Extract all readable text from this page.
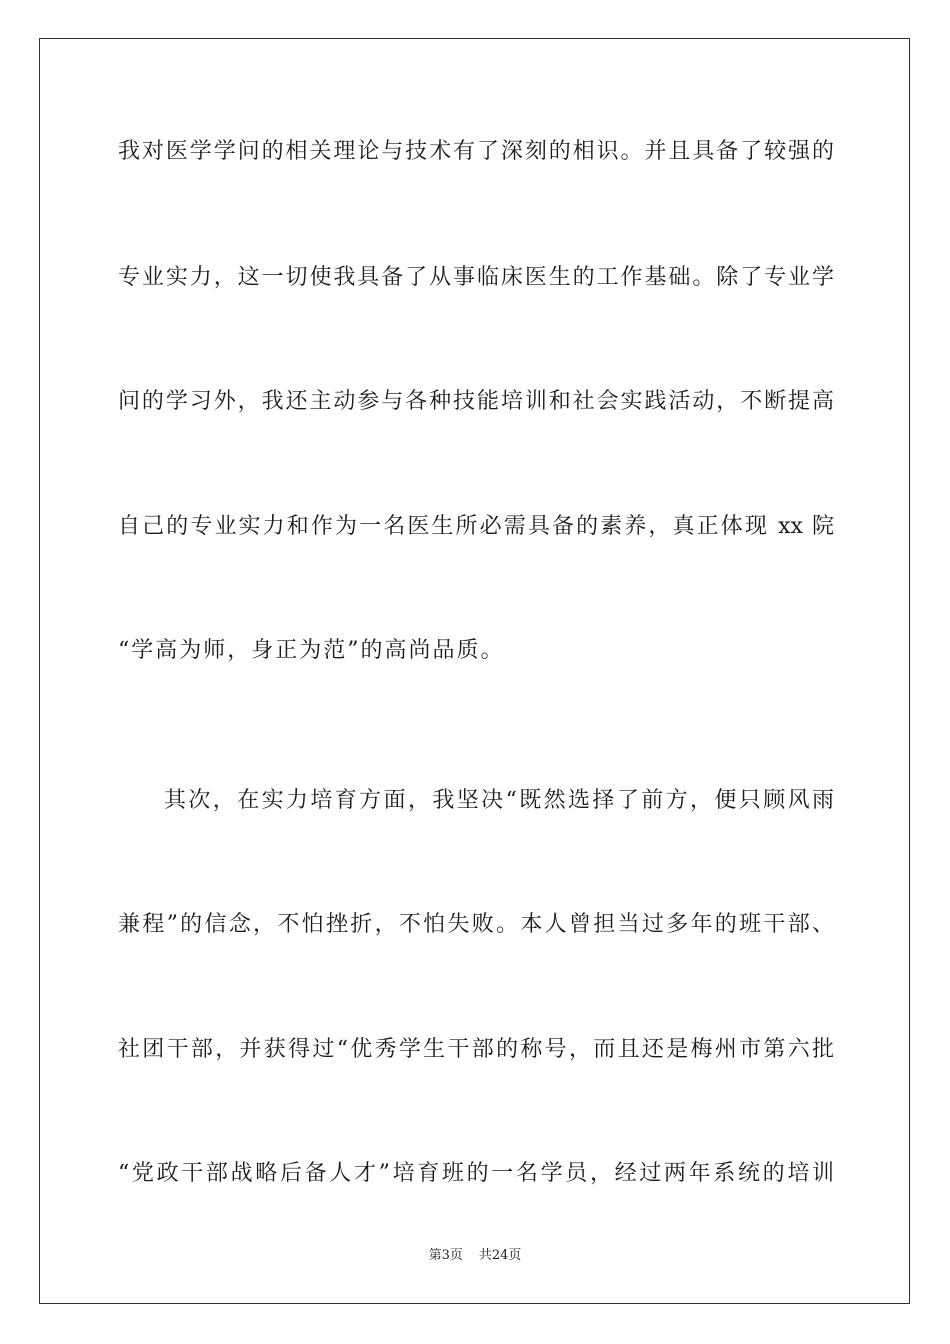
我对医学学问的相关理论与技术有了深刻的相识。并且具备了较强的
专业实力，这一切使我具备了从事临床医生的工作基础。除了专业学
问的学习外，我还主动参与各种技能培训和社会实践活动，不断提高
自己的专业实力和作为一名医生所必需具备的素养，真正体现 xx 院
“学高为师，身正为范”的高尚品质。
其次，在实力培育方面，我坚决“既然选择了前方，便只顾风雨
兼程”的信念，不怕挫折，不怕失败。本人曾担当过多年的班干部、
社团干部，并获得过“优秀学生干部的称号，而且还是梅州市第六批
“党政干部战略后备人才”培育班的一名学员，经过两年系统的培训
第3页 共24页
